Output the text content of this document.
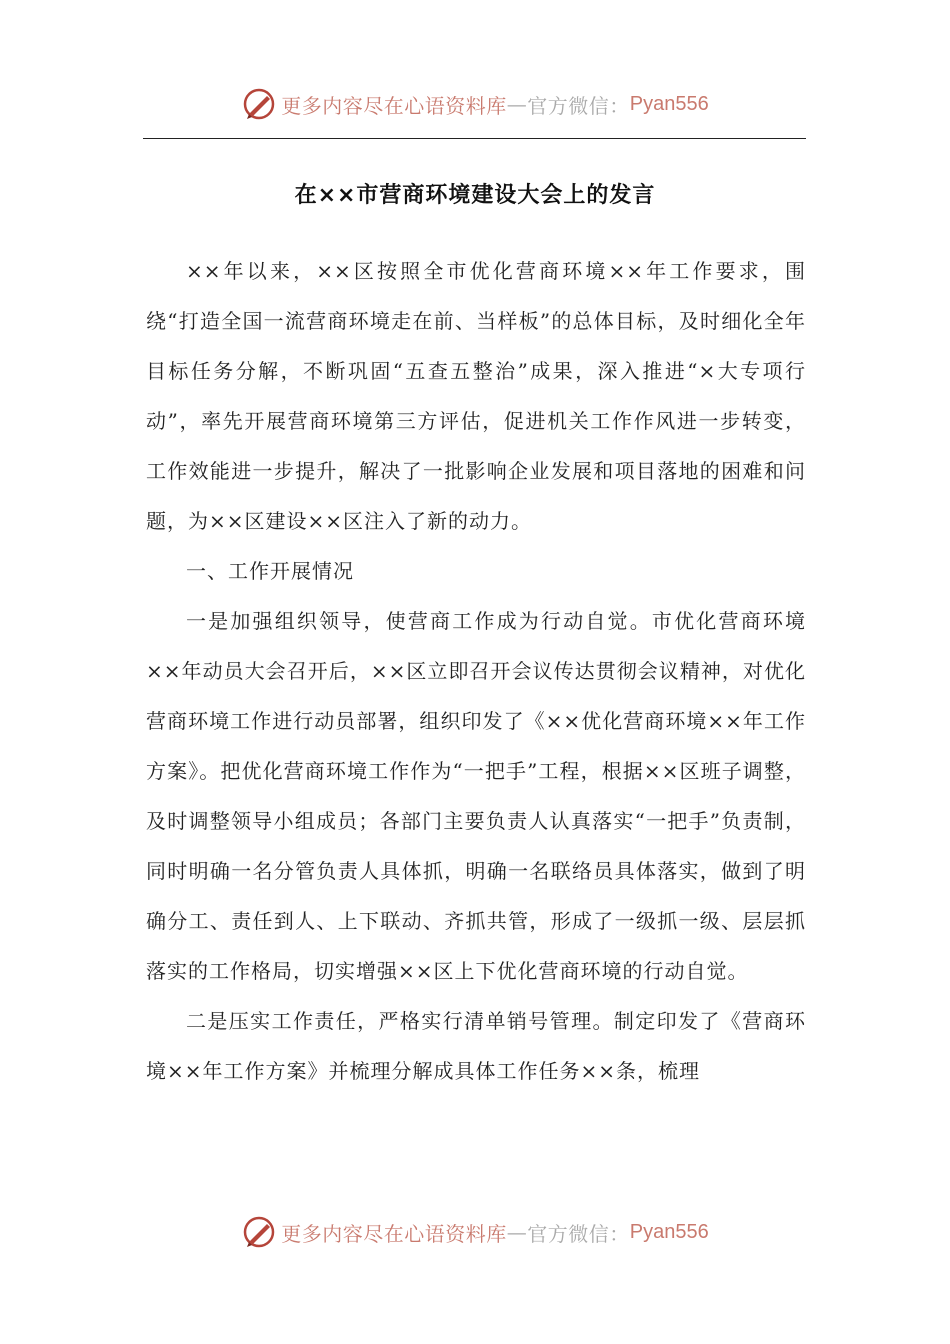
更多内容尽在心语资料库 — 官方微信： Pyan556
在××市营商环境建设大会上的发言

××年以来，××区按照全市优化营商环境××年工作要求，围绕“打造全国一流营商环境走在前、当样板”的总体目标，及时细化全年目标任务分解，不断巩固“五查五整治”成果，深入推进“×大专项行动”，率先开展营商环境第三方评估，促进机关工作作风进一步转变，工作效能进一步提升，解决了一批影响企业发展和项目落地的困难和问题，为××区建设××区注入了新的动力。

一、工作开展情况

一是加强组织领导，使营商工作成为行动自觉。市优化营商环境××年动员大会召开后，××区立即召开会议传达贯彻会议精神，对优化营商环境工作进行动员部署，组织印发了《××优化营商环境××年工作方案》。把优化营商环境工作作为“一把手”工程，根据××区班子调整，及时调整领导小组成员；各部门主要负责人认真落实“一把手”负责制，同时明确一名分管负责人具体抓，明确一名联络员具体落实，做到了明确分工、责任到人、上下联动、齐抓共管，形成了一级抓一级、层层抓落实的工作格局，切实增强××区上下优化营商环境的行动自觉。

二是压实工作责任，严格实行清单销号管理。制定印发了《营商环境××年工作方案》并梳理分解成具体工作任务××条，梳理

更多内容尽在心语资料库 — 官方微信： Pyan556
